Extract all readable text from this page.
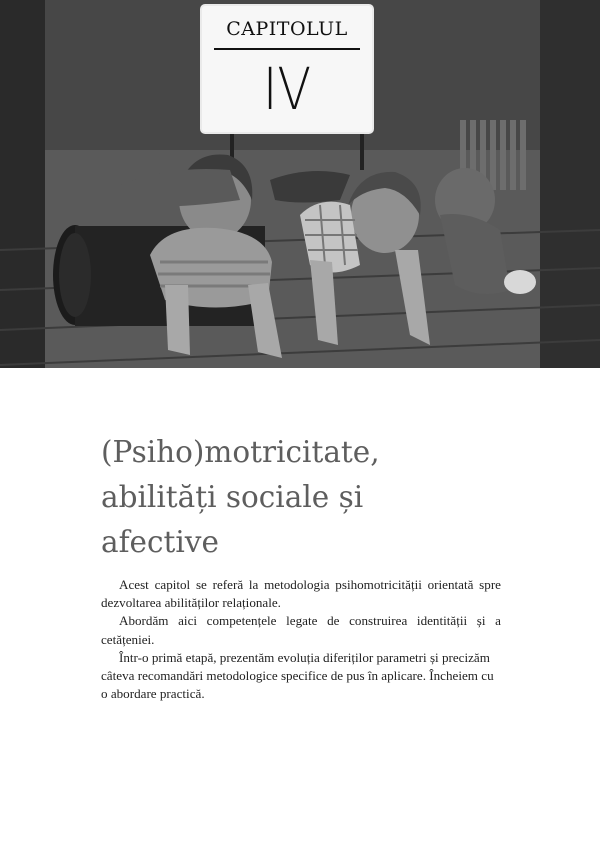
CAPITOLUL
IV
(Psiho)motricitate,
abilități sociale și
afective

Acest capitol se referă la metodologia psihomotricității orientată spre dezvoltarea abilităților relaționale.

Abordăm aici competențele legate de construirea identității și a cetățeniei.

Într-o primă etapă, prezentăm evoluția diferiților parametri și precizăm câteva recomandări metodologice specifice de pus în aplicare. Încheiem cu o abordare practică.
